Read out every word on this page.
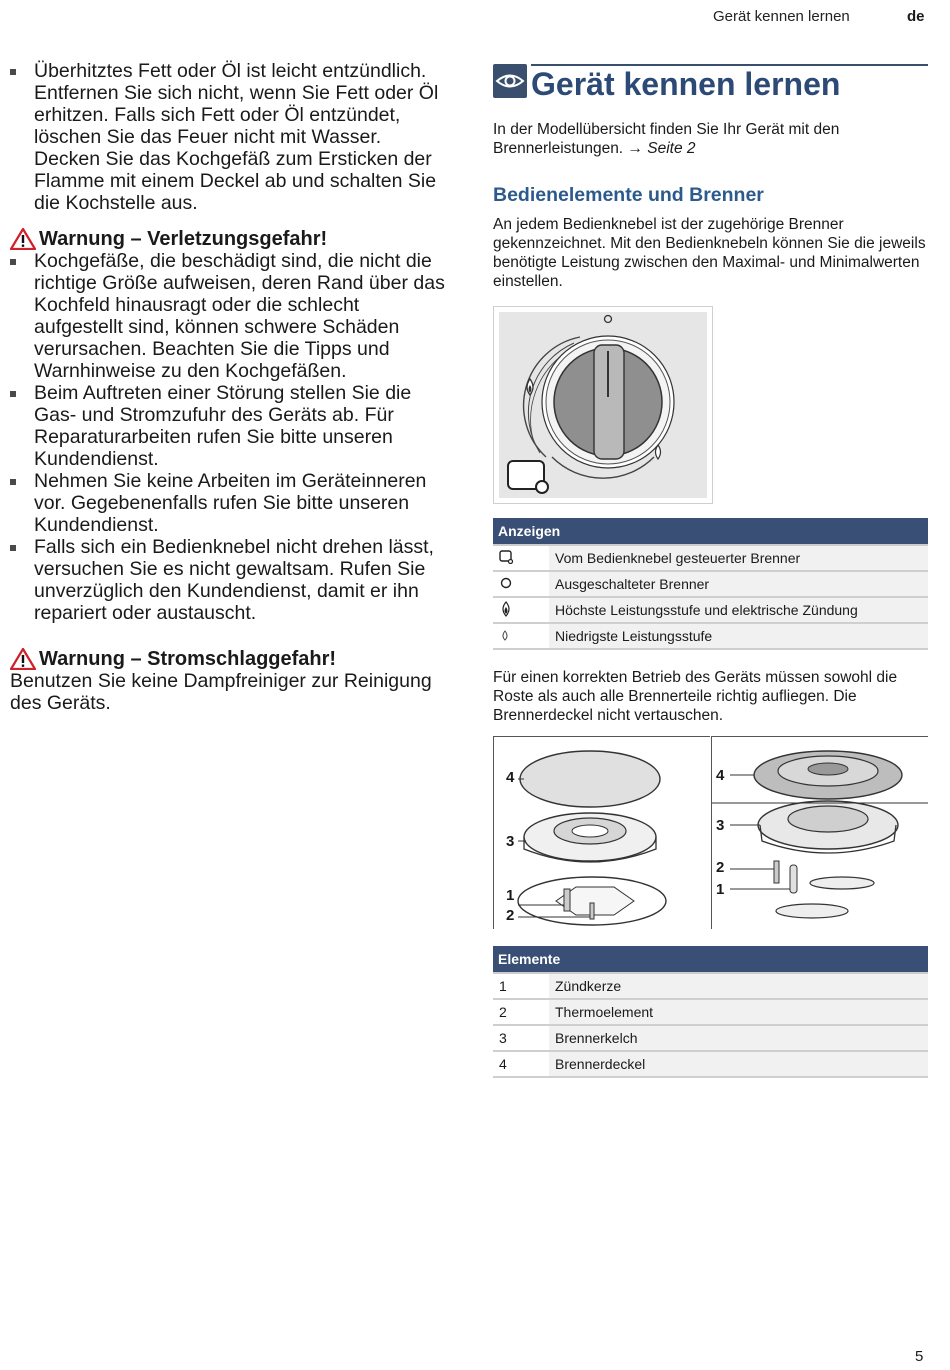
Gerät kennen lernen	de

Überhitztes Fett oder Öl ist leicht entzündlich. Entfernen Sie sich nicht, wenn Sie Fett oder Öl erhitzen. Falls sich Fett oder Öl entzündet, löschen Sie das Feuer nicht mit Wasser. Decken Sie das Kochgefäß zum Ersticken der Flamme mit einem Deckel ab und schalten Sie die Kochstelle aus.

Warnung – Verletzungsgefahr!

Kochgefäße, die beschädigt sind, die nicht die richtige Größe aufweisen, deren Rand über das Kochfeld hinausragt oder die schlecht aufgestellt sind, können schwere Schäden verursachen. Beachten Sie die Tipps und Warnhinweise zu den Kochgefäßen.

Beim Auftreten einer Störung stellen Sie die Gas- und Stromzufuhr des Geräts ab. Für Reparaturarbeiten rufen Sie bitte unseren Kundendienst.

Nehmen Sie keine Arbeiten im Geräteinneren vor. Gegebenenfalls rufen Sie bitte unseren Kundendienst.

Falls sich ein Bedienknebel nicht drehen lässt, versuchen Sie es nicht gewaltsam. Rufen Sie unverzüglich den Kundendienst, damit er ihn repariert oder austauscht.

Warnung – Stromschlaggefahr!

Benutzen Sie keine Dampfreiniger zur Reinigung des Geräts.

Gerät kennen lernen
In der Modellübersicht finden Sie Ihr Gerät mit den Brennerleistungen. → Seite 2
Bedienelemente und Brenner
An jedem Bedienknebel ist der zugehörige Brenner gekennzeichnet. Mit den Bedienknebeln können Sie die jeweils benötigte Leistung zwischen den Maximal- und Minimalwerten einstellen.
Anzeigen	
	Vom Bedienknebel gesteuerter Brenner
	Ausgeschalteter Brenner
	Höchste Leistungsstufe und elektrische Zündung
	Niedrigste Leistungsstufe
Für einen korrekten Betrieb des Geräts müssen sowohl die Roste als auch alle Brennerteile richtig aufliegen. Die Brennerdeckel nicht vertauschen.
4
3
1
2
4
3
2
1
Elemente	
1	Zündkerze
2	Thermoelement
3	Brennerkelch
4	Brennerdeckel
5
